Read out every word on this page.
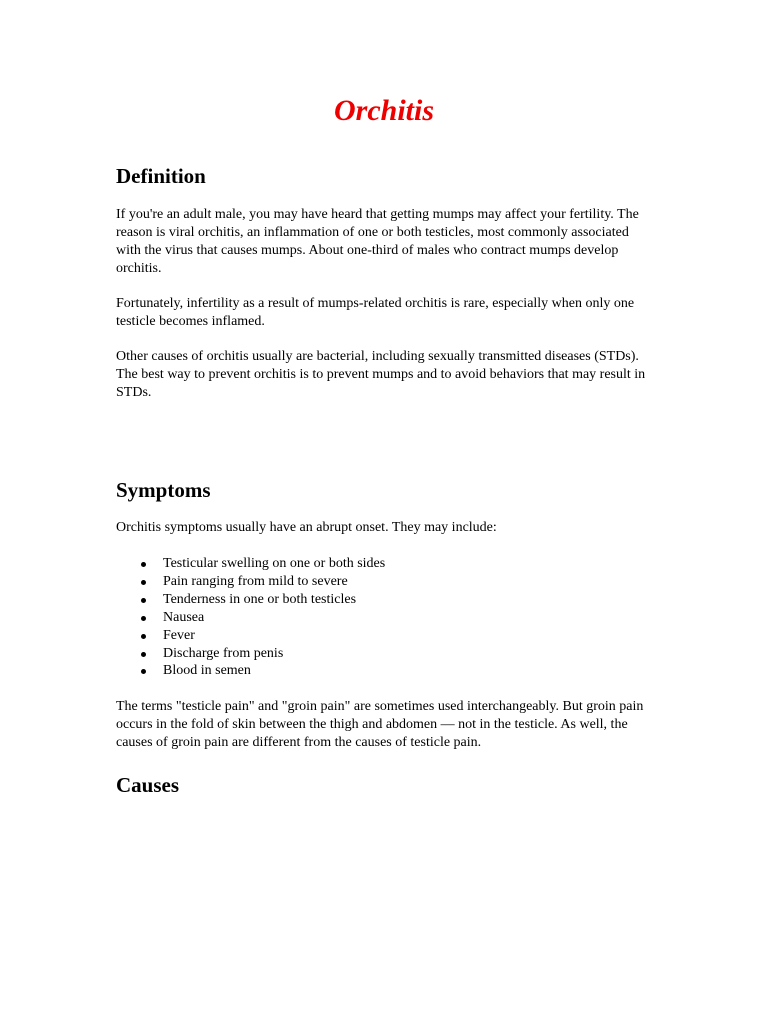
Orchitis
Definition

If you're an adult male, you may have heard that getting mumps may affect your fertility. The reason is viral orchitis, an inflammation of one or both testicles, most commonly associated with the virus that causes mumps. About one-third of males who contract mumps develop orchitis.

Fortunately, infertility as a result of mumps-related orchitis is rare, especially when only one testicle becomes inflamed.

Other causes of orchitis usually are bacterial, including sexually transmitted diseases (STDs). The best way to prevent orchitis is to prevent mumps and to avoid behaviors that may result in STDs.

Symptoms

Orchitis symptoms usually have an abrupt onset. They may include:

Testicular swelling on one or both sides
Pain ranging from mild to severe
Tenderness in one or both testicles
Nausea
Fever
Discharge from penis
Blood in semen

The terms "testicle pain" and "groin pain" are sometimes used interchangeably. But groin pain occurs in the fold of skin between the thigh and abdomen — not in the testicle. As well, the causes of groin pain are different from the causes of testicle pain.

Causes
